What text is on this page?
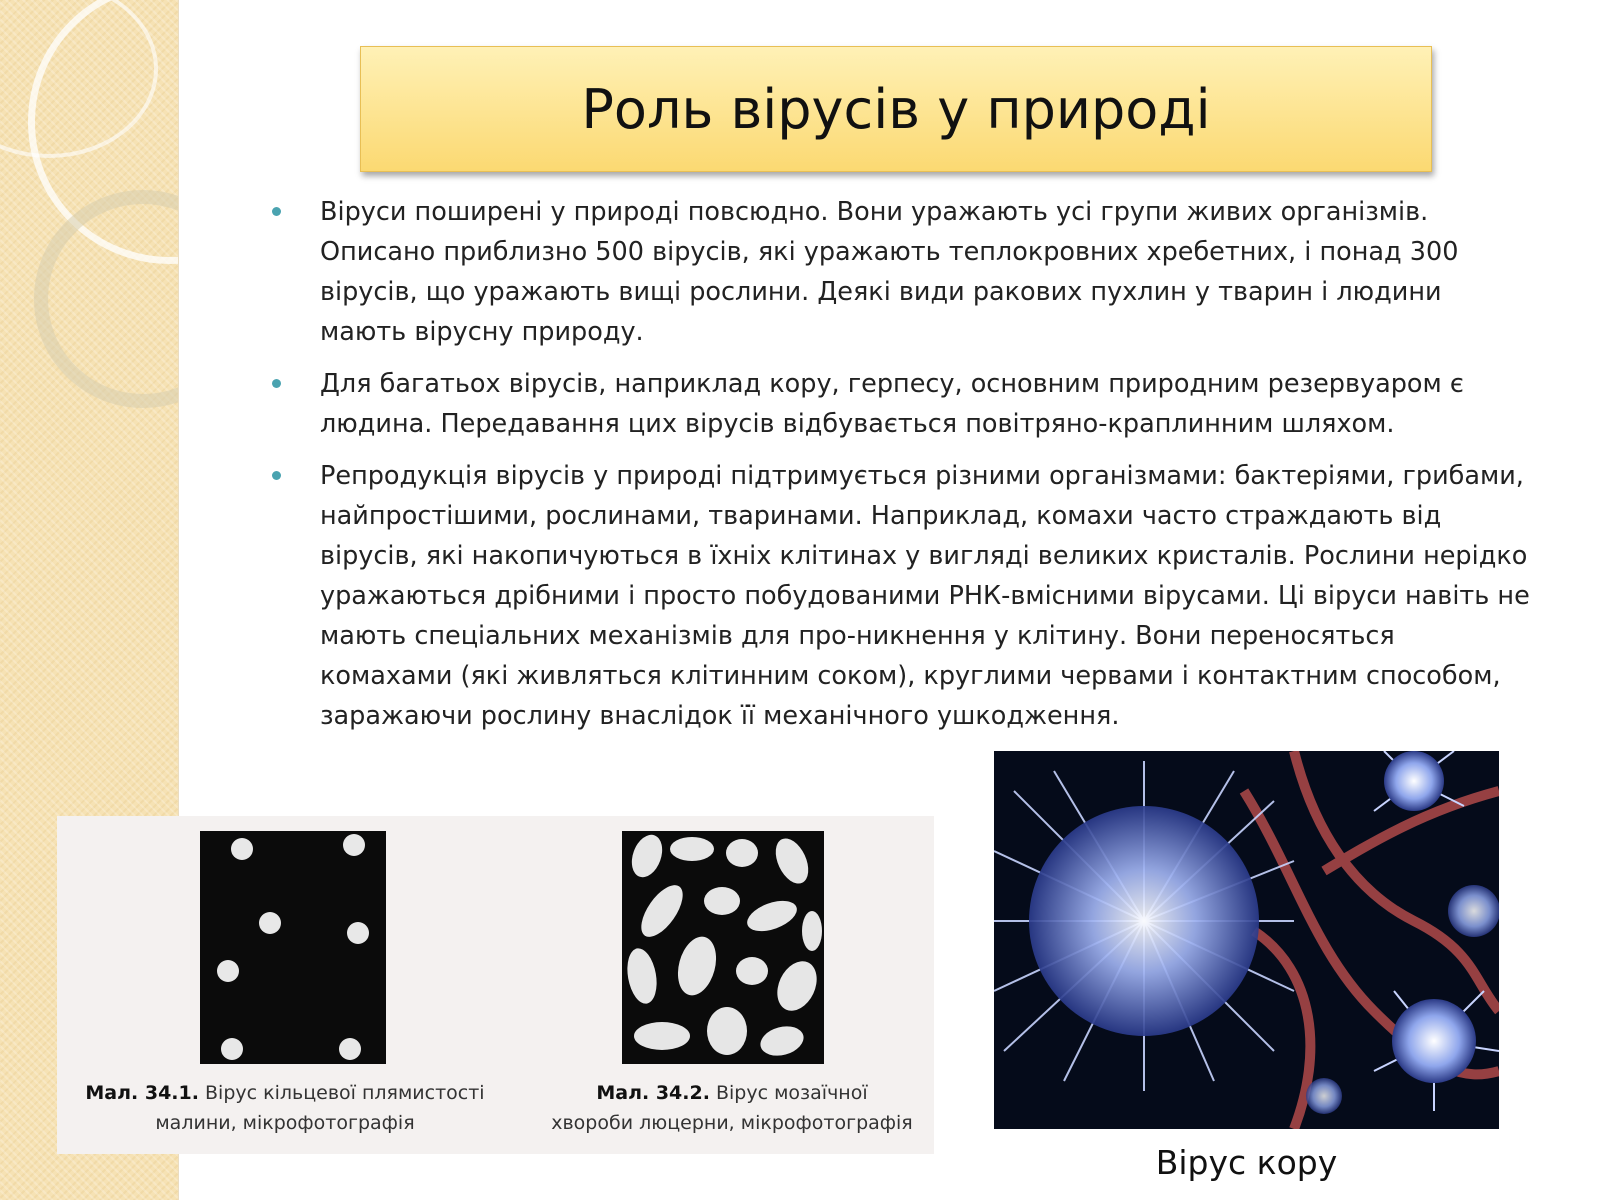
Роль вірусів у природі
Віруси поширені у природі повсюдно. Вони уражають усі групи живих організмів. Описано приблизно 500 вірусів, які уражають теплокровних хребетних, і понад 300 вірусів, що уражають вищі рослини. Деякі види ракових пухлин у тварин і людини мають вірусну природу.
Для багатьох вірусів, наприклад кору, герпесу, основним природним резервуаром є людина. Передавання цих вірусів відбувається повітряно-краплинним шляхом.
Репродукція вірусів у природі підтримується різними організмами: бактеріями, грибами, найпростішими, рослинами, тваринами. Наприклад, комахи часто страждають від вірусів, які накопичуються в їхніх клітинах у вигляді великих кристалів. Рослини нерідко уражаються дрібними і просто побудованими РНК-вмісними вірусами. Ці віруси навіть не мають спеціальних механізмів для про-никнення у клітину. Вони переносяться комахами (які живляться клітинним соком), круглими червами і контактним способом, заражаючи рослину внаслідок її механічного ушкодження.
Мал. 34.1. Вірус кільцевої плямистості
малини, мікрофотографія
Мал. 34.2. Вірус мозаїчної
хвороби люцерни, мікрофотографія
Вірус кору
